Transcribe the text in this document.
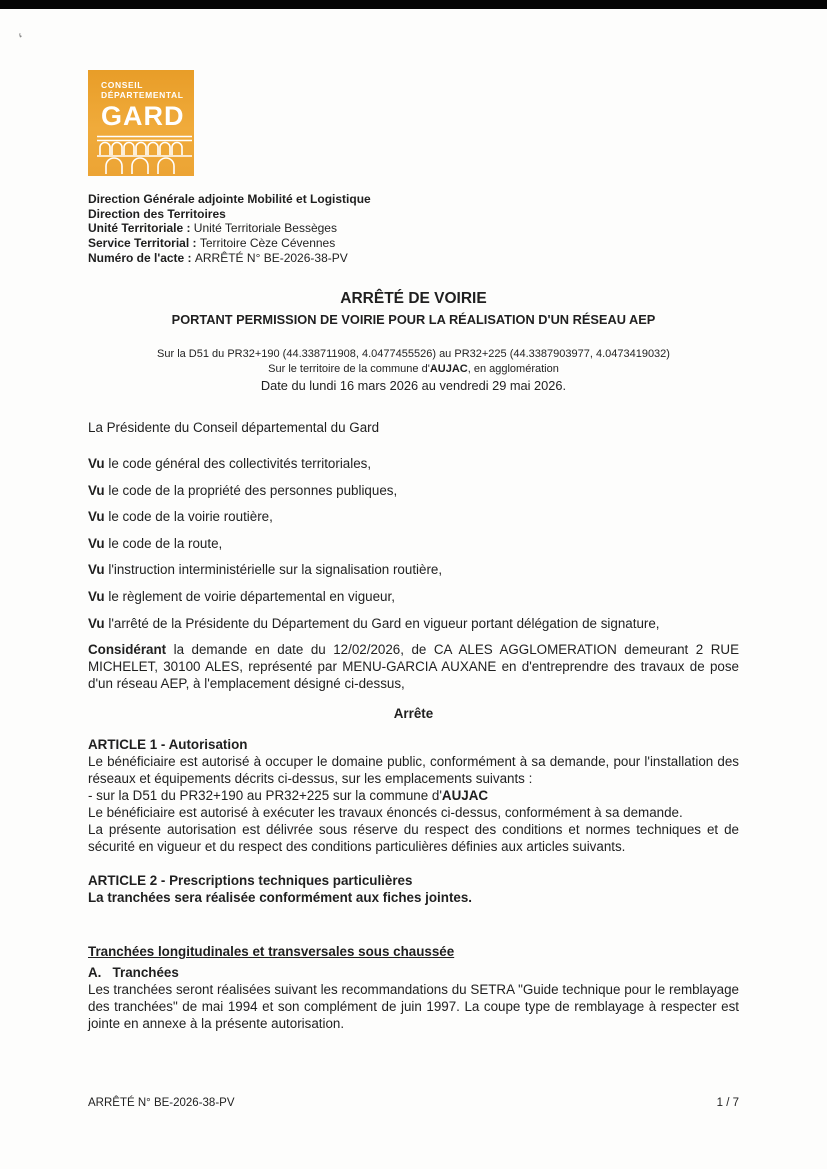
ʻ
CONSEIL
DÉPARTEMENTAL
GARD

Direction Générale adjointe Mobilité et Logistique

Direction des Territoires

Unité Territoriale : Unité Territoriale Bessèges

Service Territorial : Territoire Cèze Cévennes

Numéro de l'acte : ARRÊTÉ N° BE-2026-38-PV

ARRÊTÉ DE VOIRIE

PORTANT PERMISSION DE VOIRIE POUR LA RÉALISATION D'UN RÉSEAU AEP

Sur la D51 du PR32+190 (44.338711908, 4.0477455526) au PR32+225 (44.3387903977, 4.0473419032)

Sur le territoire de la commune d'AUJAC, en agglomération

Date du lundi 16 mars 2026 au vendredi 29 mai 2026.

La Présidente du Conseil départemental du Gard

Vu le code général des collectivités territoriales,

Vu le code de la propriété des personnes publiques,

Vu le code de la voirie routière,

Vu le code de la route,

Vu l'instruction interministérielle sur la signalisation routière,

Vu le règlement de voirie départemental en vigueur,

Vu l'arrêté de la Présidente du Département du Gard en vigueur portant délégation de signature,

Considérant la demande en date du 12/02/2026, de CA ALES AGGLOMERATION demeurant 2 RUE MICHELET, 30100 ALES, représenté par MENU-GARCIA AUXANE en d'entreprendre des travaux de pose d'un réseau AEP, à l'emplacement désigné ci-dessus,

Arrête

ARTICLE 1 - Autorisation

Le bénéficiaire est autorisé à occuper le domaine public, conformément à sa demande, pour l'installation des réseaux et équipements décrits ci-dessus, sur les emplacements suivants :

- sur la D51 du PR32+190 au PR32+225 sur la commune d'AUJAC

Le bénéficiaire est autorisé à exécuter les travaux énoncés ci-dessus, conformément à sa demande.

La présente autorisation est délivrée sous réserve du respect des conditions et normes techniques et de sécurité en vigueur et du respect des conditions particulières définies aux articles suivants.

ARTICLE 2 - Prescriptions techniques particulières

La tranchées sera réalisée conformément aux fiches jointes.

Tranchées longitudinales et transversales sous chaussée

A.   Tranchées

Les tranchées seront réalisées suivant les recommandations du SETRA "Guide technique pour le remblayage des tranchées" de mai 1994 et son complément de juin 1997. La coupe type de remblayage à respecter est jointe en annexe à la présente autorisation.

ARRÊTÉ N° BE-2026-38-PV	1 / 7
